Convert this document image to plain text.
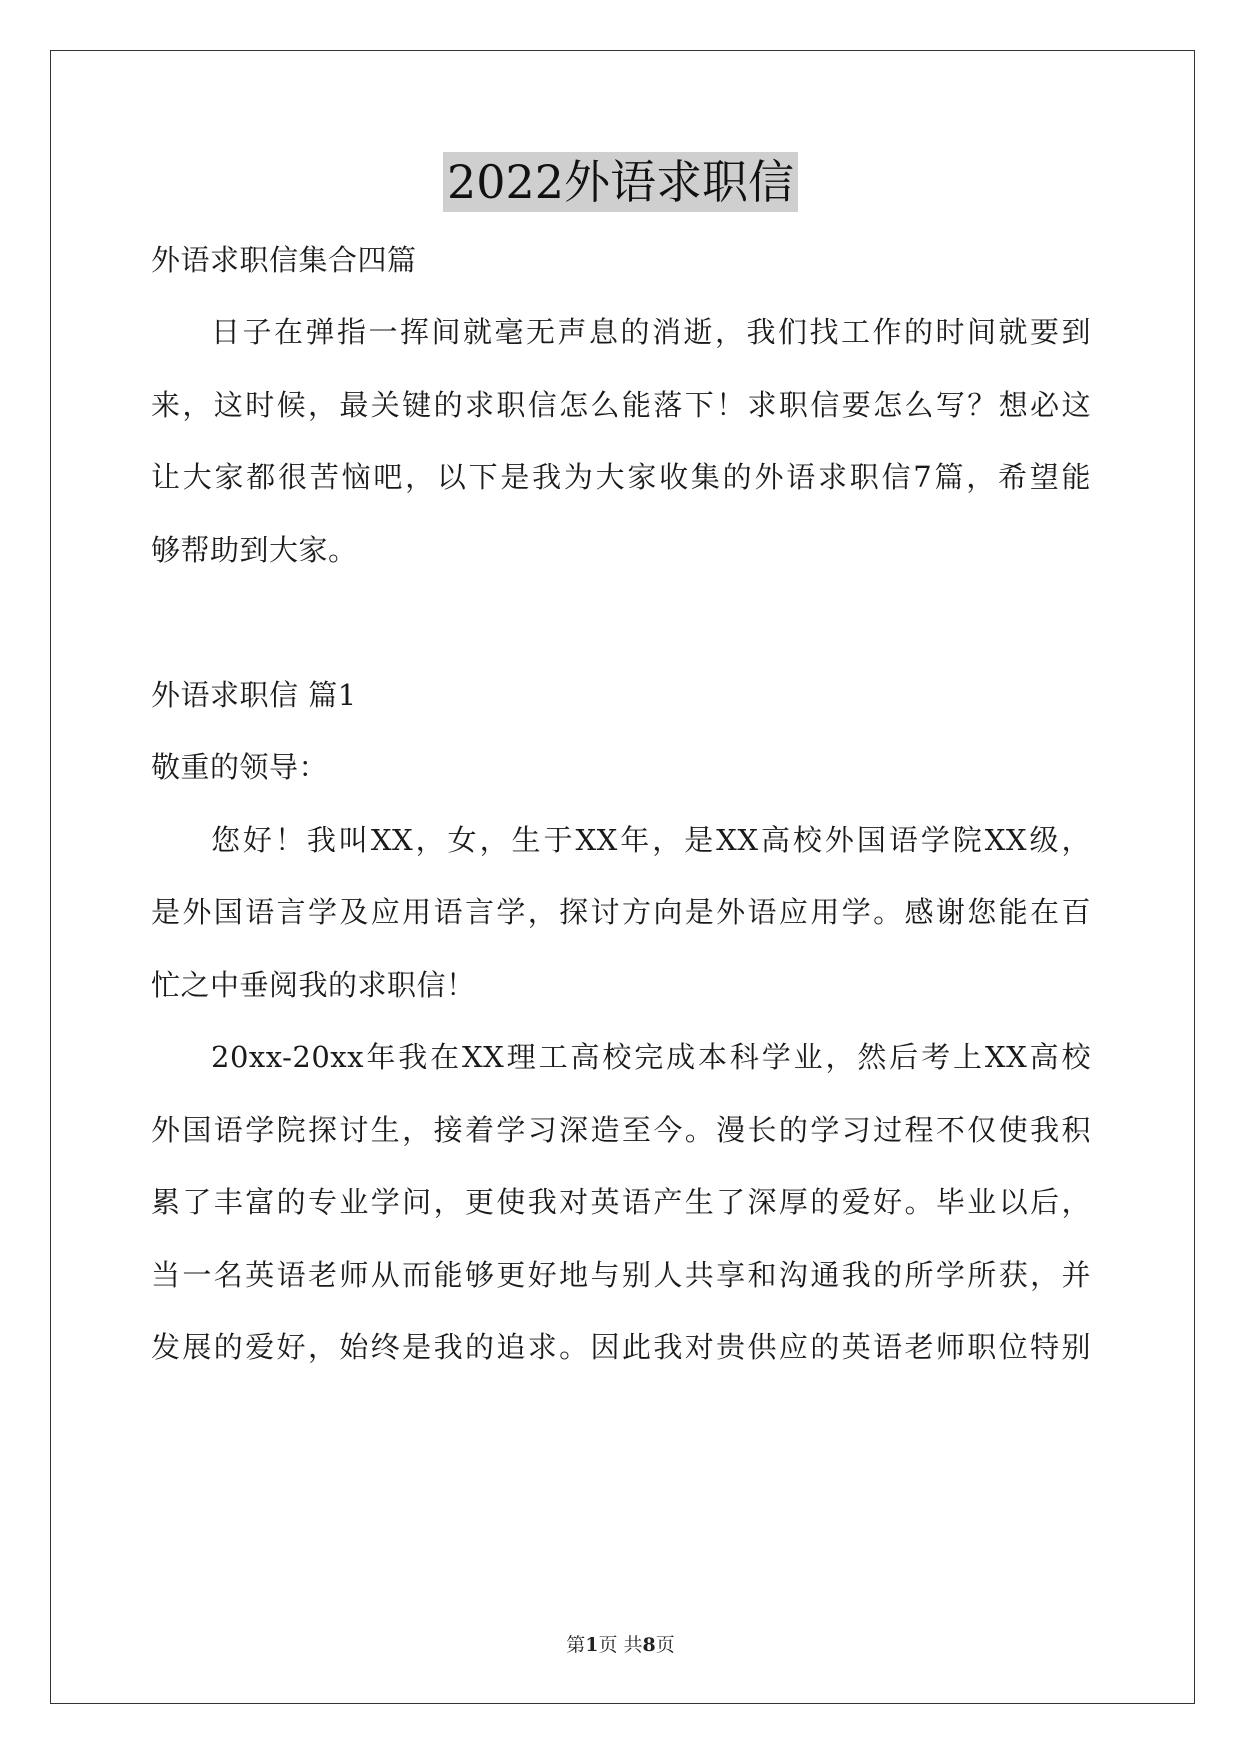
2022外语求职信
外语求职信集合四篇
日子在弹指一挥间就毫无声息的消逝，我们找工作的时间就要到
来，这时候，最关键的求职信怎么能落下！求职信要怎么写？想必这
让大家都很苦恼吧，以下是我为大家收集的外语求职信7篇，希望能
够帮助到大家。
外语求职信 篇1
敬重的领导：
您好！我叫XX，女，生于XX年，是XX高校外国语学院XX级，
是外国语言学及应用语言学，探讨方向是外语应用学。感谢您能在百
忙之中垂阅我的求职信！
20xx-20xx年我在XX理工高校完成本科学业，然后考上XX高校
外国语学院探讨生，接着学习深造至今。漫长的学习过程不仅使我积
累了丰富的专业学问，更使我对英语产生了深厚的爱好。毕业以后，
当一名英语老师从而能够更好地与别人共享和沟通我的所学所获，并
发展的爱好，始终是我的追求。因此我对贵供应的英语老师职位特别
第1页 共8页
